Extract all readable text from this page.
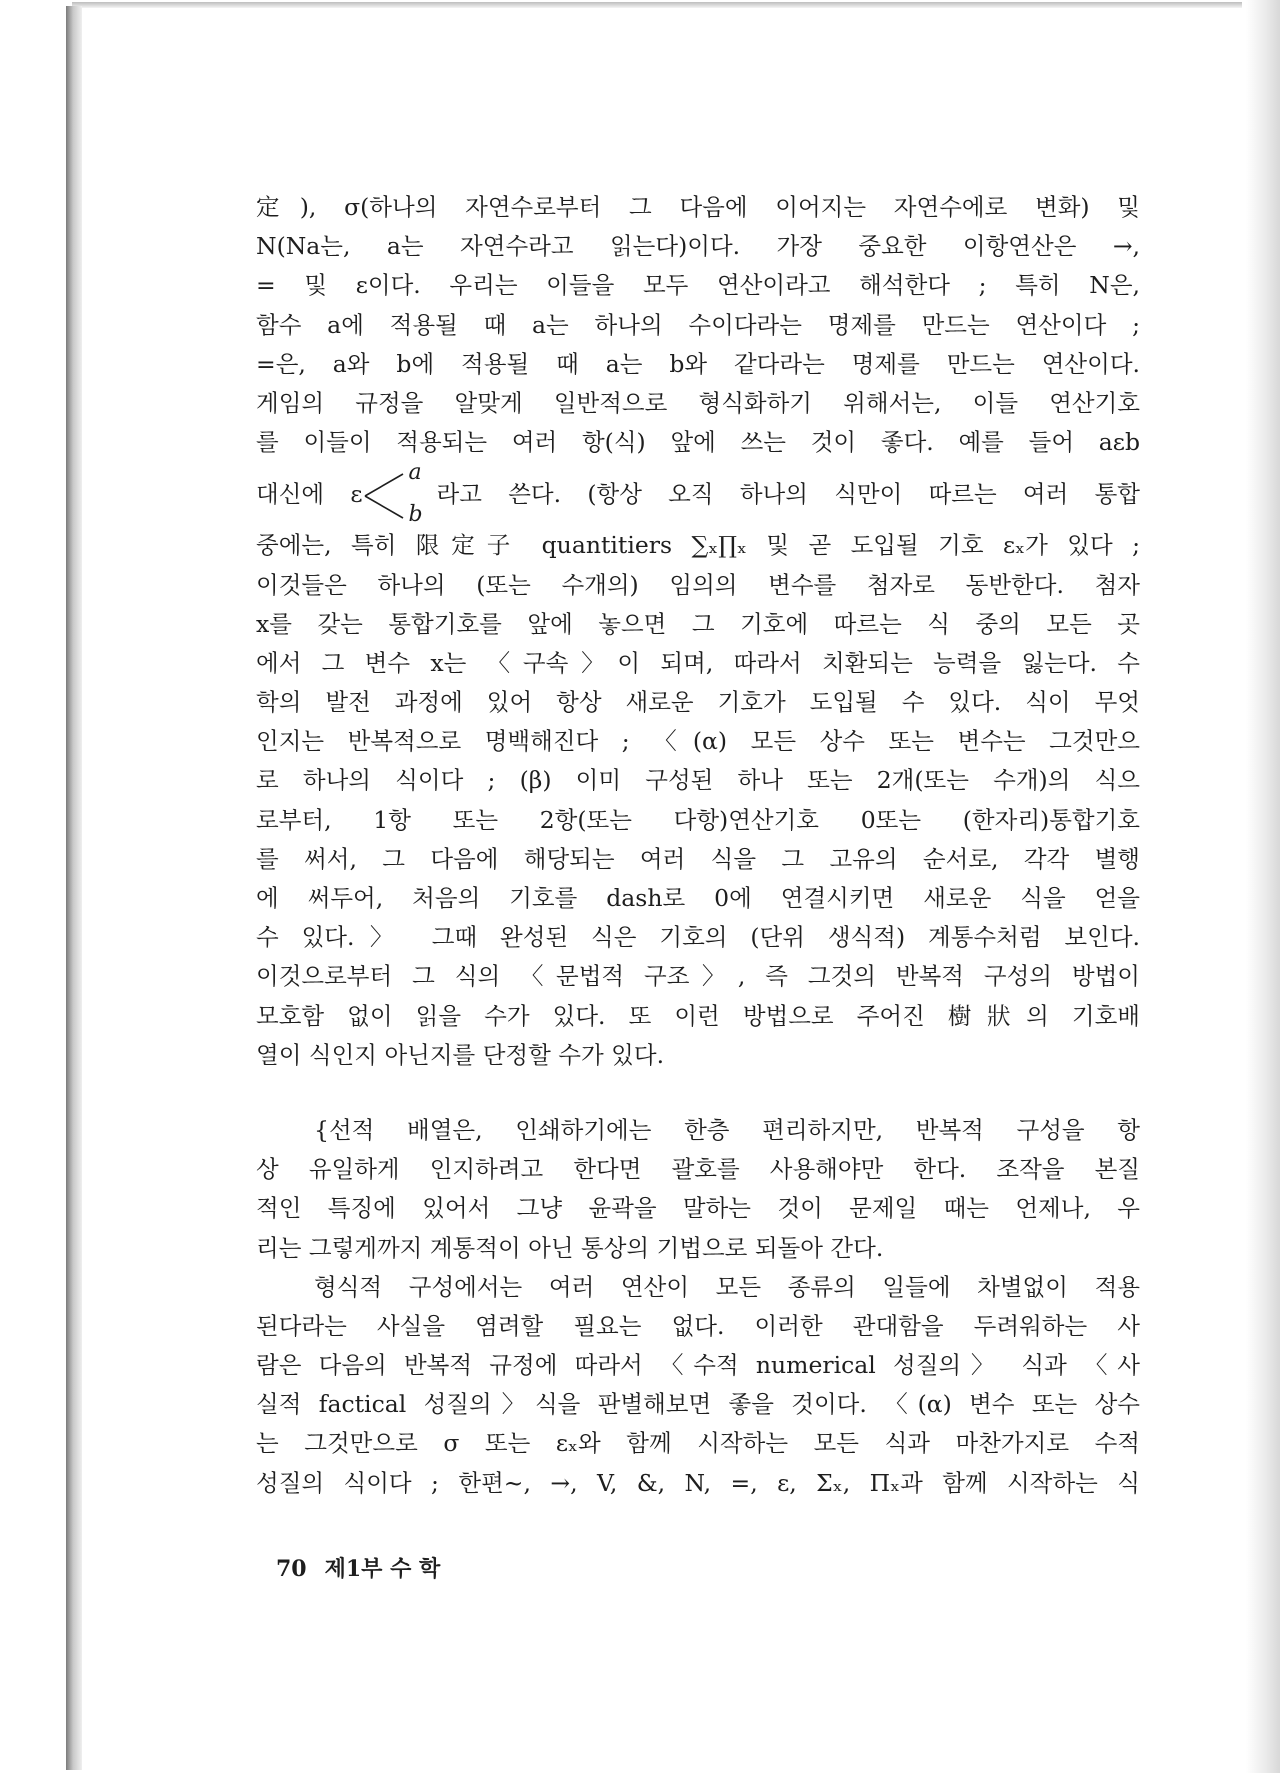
定), σ(하나의 자연수로부터 그 다음에 이어지는 자연수에로 변화) 및
N(Na는, a는 자연수라고 읽는다)이다. 가장 중요한 이항연산은 →,
= 및 ε이다. 우리는 이들을 모두 연산이라고 해석한다 ; 특히 N은,
함수 a에 적용될 때 a는 하나의 수이다라는 명제를 만드는 연산이다 ;
=은, a와 b에 적용될 때 a는 b와 같다라는 명제를 만드는 연산이다.
게임의 규정을 알맞게 일반적으로 형식화하기 위해서는, 이들 연산기호
를 이들이 적용되는 여러 항(식) 앞에 쓰는 것이 좋다. 예를 들어 aεb
대신에 ε
a
b
라고 쓴다. (항상 오직 하나의 식만이 따르는 여러 통합
중에는, 특히 限定子 quantitiers ∑ₓ∏ₓ 및 곧 도입될 기호 εₓ가 있다 ;
이것들은 하나의 (또는 수개의) 임의의 변수를 첨자로 동반한다. 첨자
x를 갖는 통합기호를 앞에 놓으면 그 기호에 따르는 식 중의 모든 곳
에서 그 변수 x는 〈구속〉이 되며, 따라서 치환되는 능력을 잃는다. 수
학의 발전 과정에 있어 항상 새로운 기호가 도입될 수 있다. 식이 무엇
인지는 반복적으로 명백해진다 ; 〈(α) 모든 상수 또는 변수는 그것만으
로 하나의 식이다 ; (β) 이미 구성된 하나 또는 2개(또는 수개)의 식으
로부터, 1항 또는 2항(또는 다항)연산기호 0또는 (한자리)통합기호
를 써서, 그 다음에 해당되는 여러 식을 그 고유의 순서로, 각각 별행
에 써두어, 처음의 기호를 dash로 0에 연결시키면 새로운 식을 얻을
수 있다.〉 그때 완성된 식은 기호의 (단위 생식적) 계통수처럼 보인다.
이것으로부터 그 식의 〈문법적 구조〉, 즉 그것의 반복적 구성의 방법이
모호함 없이 읽을 수가 있다. 또 이런 방법으로 주어진 樹狀의 기호배
열이 식인지 아닌지를 단정할 수가 있다.
{선적 배열은, 인쇄하기에는 한층 편리하지만, 반복적 구성을 항
상 유일하게 인지하려고 한다면 괄호를 사용해야만 한다. 조작을 본질
적인 특징에 있어서 그냥 윤곽을 말하는 것이 문제일 때는 언제나, 우
리는 그렇게까지 계통적이 아닌 통상의 기법으로 되돌아 간다.
형식적 구성에서는 여러 연산이 모든 종류의 일들에 차별없이 적용
된다라는 사실을 염려할 필요는 없다. 이러한 관대함을 두려워하는 사
람은 다음의 반복적 규정에 따라서 〈수적 numerical 성질의〉 식과 〈사
실적 factical 성질의〉식을 판별해보면 좋을 것이다. 〈(α) 변수 또는 상수
는 그것만으로 σ 또는 εₓ와 함께 시작하는 모든 식과 마찬가지로 수적
성질의 식이다 ; 한편~, →, V, &, N, =, ε, Σₓ, Πₓ과 함께 시작하는 식
70 제1부 수 학
